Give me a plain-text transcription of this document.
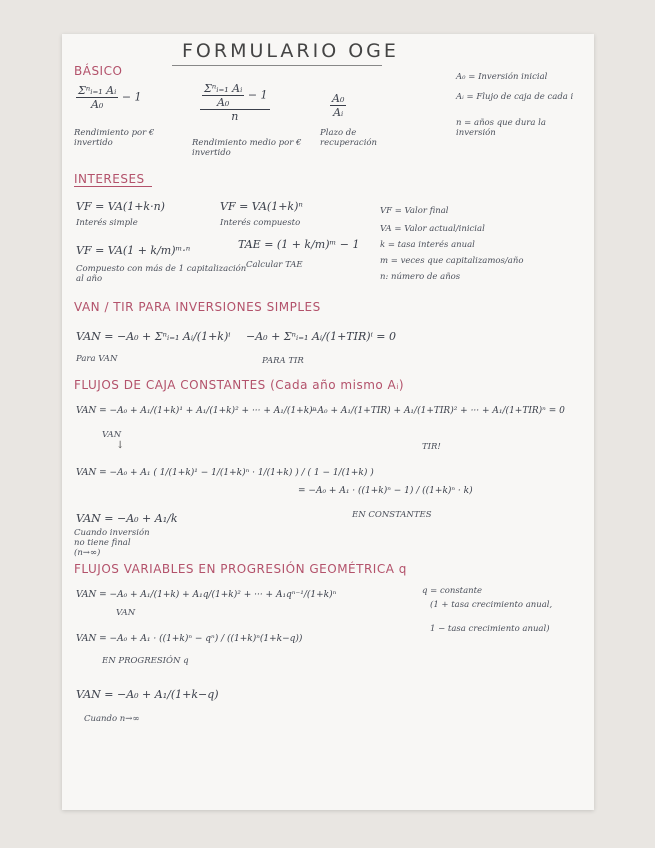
FORMULARIO OGE
BÁSICO
$\frac{\text{Σⁿᵢ₌₁ Aᵢ}}{\text{A₀}} - 1$
Rendimiento por € invertido
$\frac{\frac{\text{Σⁿᵢ₌₁ Aᵢ}}{\text{A₀}} - 1}{n}$
Rendimiento medio por € invertido
$\frac{\text{A₀}}{\text{Aᵢ}}$
Plazo de recuperación
A₀ = Inversión inicial
Aᵢ = Flujo de caja de cada i
n = años que dura la inversión
INTERESES
VF = VA(1+k·n)
Interés simple
VF = VA(1+k)ⁿ
Interés compuesto
VF = VA(1 + k/m)ᵐ·ⁿ
Compuesto con más de 1 capitalización al año
TAE = (1 + k/m)ᵐ − 1
Calcular TAE
VF = Valor final
VA = Valor actual/inicial
k = tasa interés anual
m = veces que capitalizamos/año
n: número de años
VAN / TIR PARA INVERSIONES SIMPLES
VAN = −A₀ + Σⁿᵢ₌₁ Aᵢ/(1+k)ⁱ
Para VAN
−A₀ + Σⁿᵢ₌₁ Aᵢ/(1+TIR)ⁱ = 0
PARA TIR
FLUJOS DE CAJA CONSTANTES (Cada año mismo Aᵢ)
VAN = −A₀ + A₁/(1+k)¹ + A₁/(1+k)² + ··· + A₁/(1+k)ⁿ
VAN
−A₀ + A₁/(1+TIR) + A₁/(1+TIR)² + ··· + A₁/(1+TIR)ⁿ = 0
TIR!
↓
VAN = −A₀ + A₁ ( 1/(1+k)¹ − 1/(1+k)ⁿ · 1/(1+k) ) / ( 1 − 1/(1+k) )
= −A₀ + A₁ · ((1+k)ⁿ − 1) / ((1+k)ⁿ · k)
EN CONSTANTES
VAN = −A₀ + A₁/k
Cuando inversión no tiene final (n→∞)
FLUJOS VARIABLES EN PROGRESIÓN GEOMÉTRICA q
VAN = −A₀ + A₁/(1+k) + A₁q/(1+k)² + ··· + A₁qⁿ⁻¹/(1+k)ⁿ
VAN
VAN = −A₀ + A₁ · ((1+k)ⁿ − qⁿ) / ((1+k)ⁿ(1+k−q))
EN PROGRESIÓN q
VAN = −A₀ + A₁/(1+k−q)
Cuando n→∞
q = constante
(1 + tasa crecimiento anual,
1 − tasa crecimiento anual)
